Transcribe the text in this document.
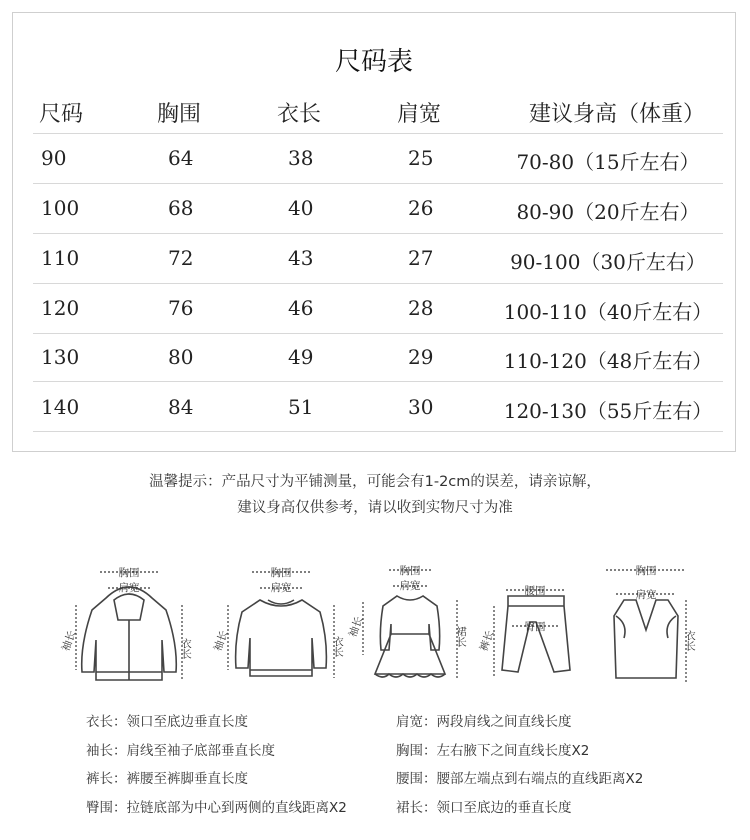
尺码表
尺码	胸围	衣长	肩宽	建议身高（体重）
90	64	38	25	70-80（15斤左右）
100	68	40	26	80-90（20斤左右）
110	72	43	27	90-100（30斤左右）
120	76	46	28	100-110（40斤左右）
130	80	49	29	110-120（48斤左右）
140	84	51	30	120-130（55斤左右）
温馨提示：产品尺寸为平铺测量，可能会有1-2cm的误差，请亲谅解，
建议身高仅供参考，请以收到实物尺寸为准
胸围
肩宽
袖长	衣长
胸围
肩宽
袖长	衣长
胸围
肩宽
袖长	裙长
腰围
臀围
裤长
胸围
肩宽
衣长
衣长：领口至底边垂直长度
袖长：肩线至袖子底部垂直长度
裤长：裤腰至裤脚垂直长度
臀围：拉链底部为中心到两侧的直线距离X2
肩宽：两段肩线之间直线长度
胸围：左右腋下之间直线长度X2
腰围：腰部左端点到右端点的直线距离X2
裙长：领口至底边的垂直长度
